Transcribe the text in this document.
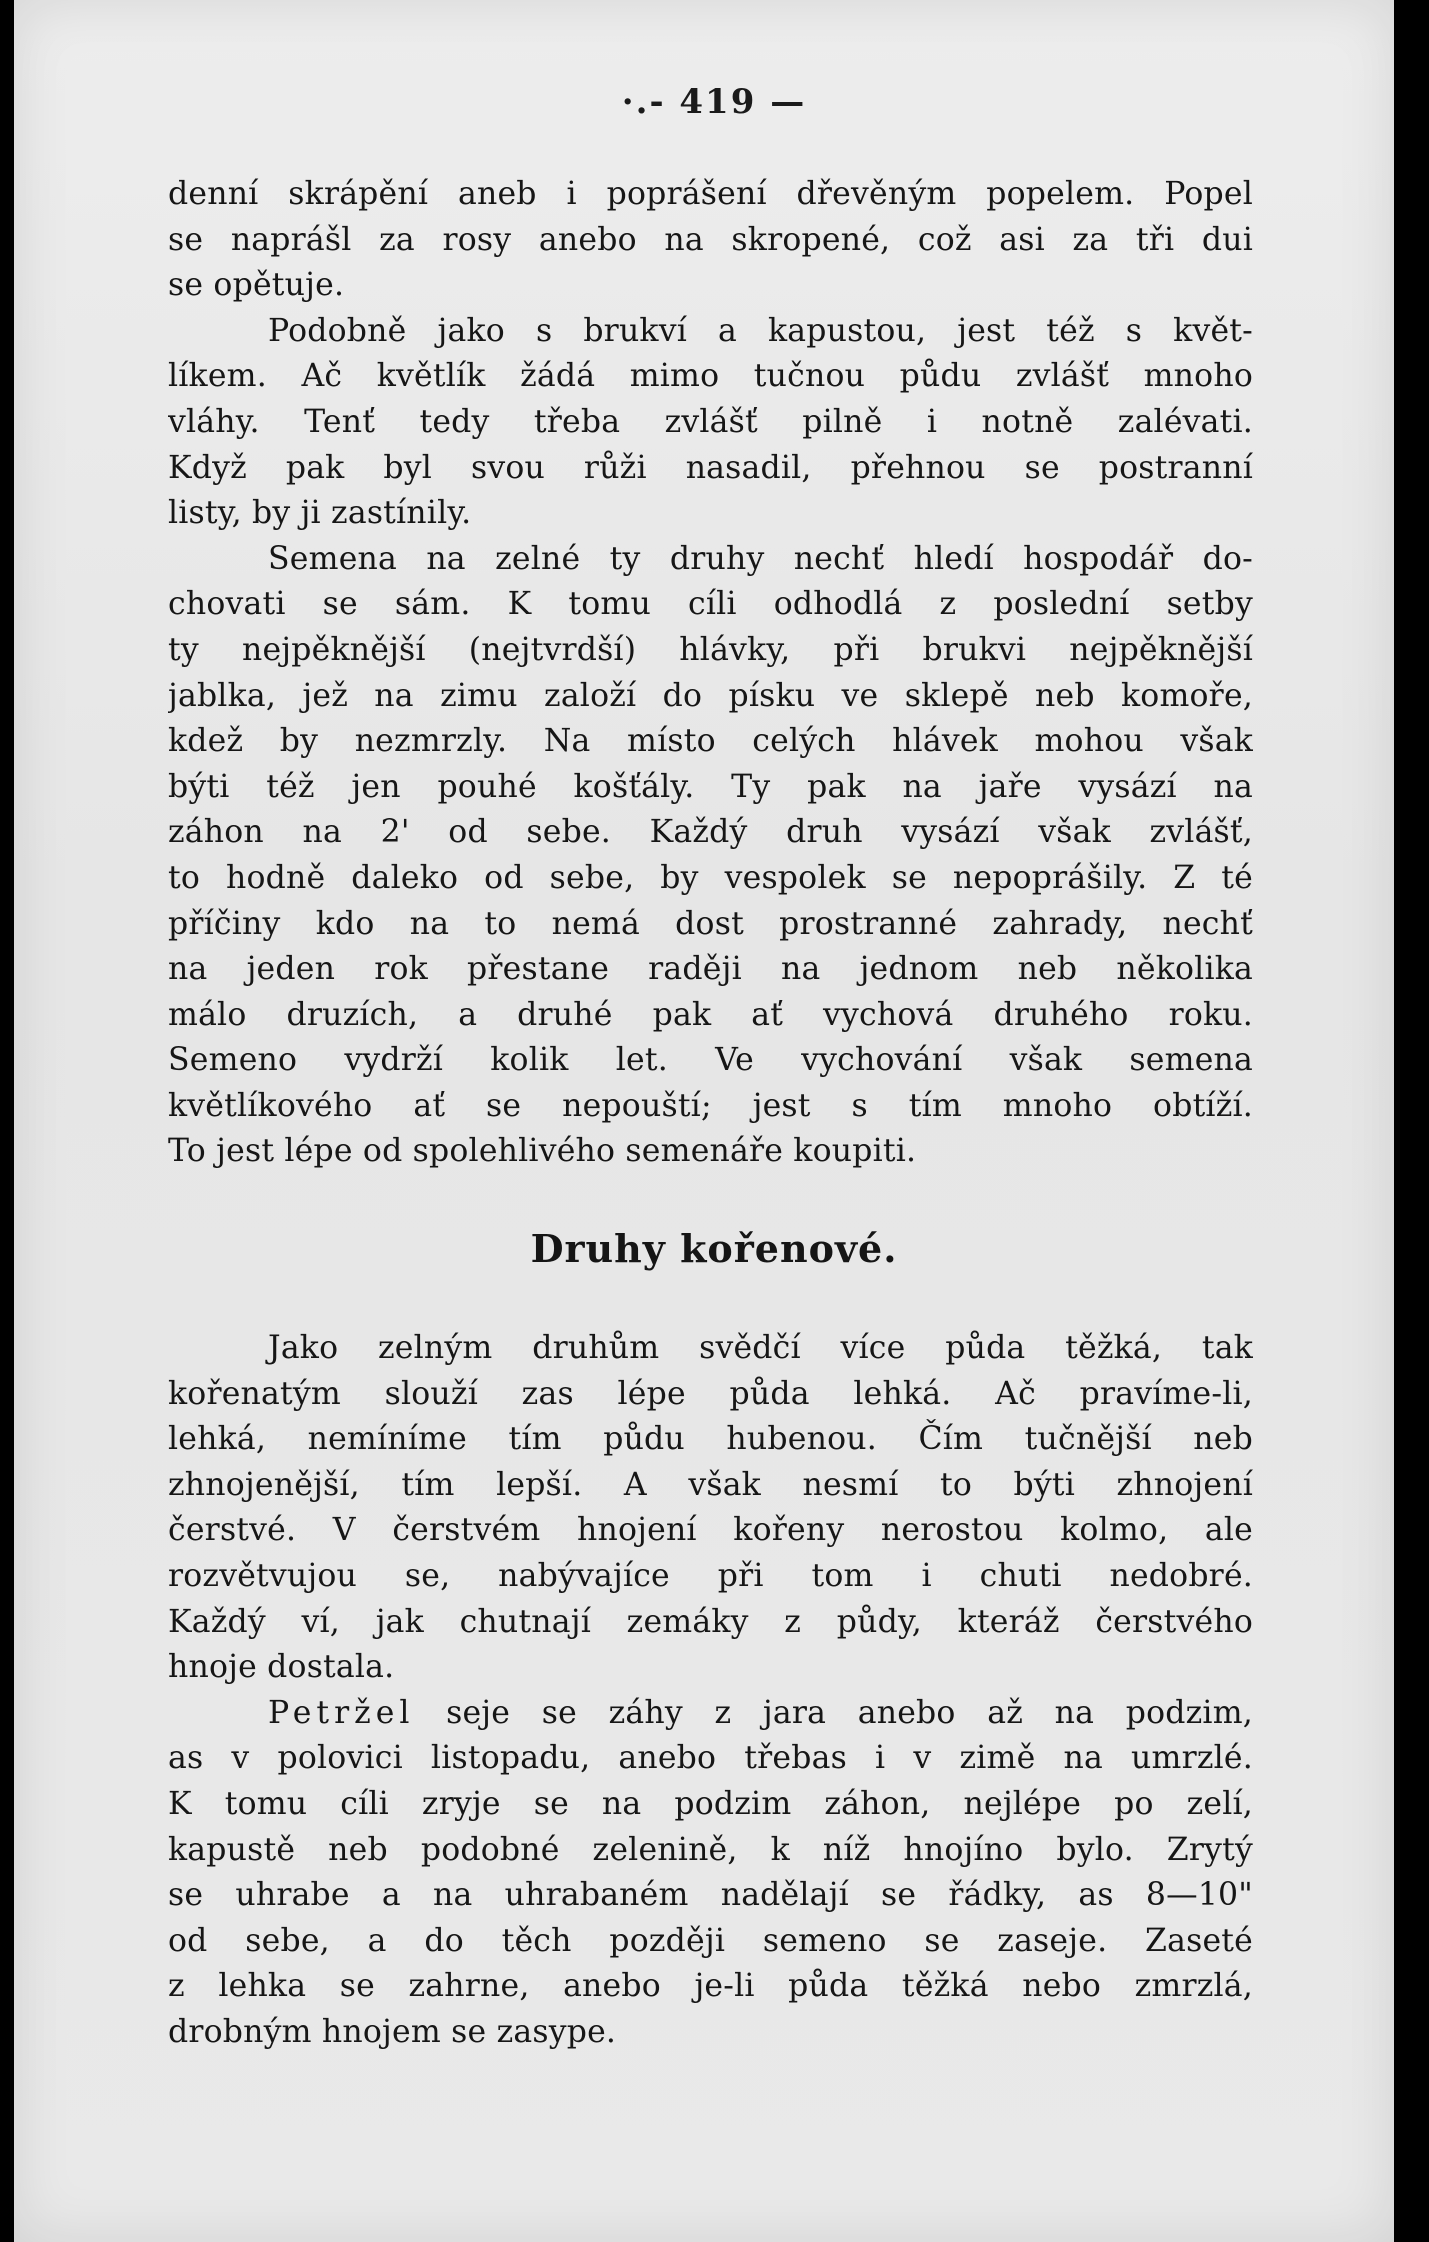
·.- 419 —
denní skrápění aneb i poprášení dřevěným popelem. Popel
se naprášl za rosy anebo na skropené, což asi za tři dui
se opětuje.
Podobně jako s brukví a kapustou, jest též s květ-
líkem. Ač květlík žádá mimo tučnou půdu zvlášť mnoho
vláhy. Tenť tedy třeba zvlášť pilně i notně zalévati.
Když pak byl svou růži nasadil, přehnou se postranní
listy, by ji zastínily.
Semena na zelné ty druhy nechť hledí hospodář do-
chovati se sám. K tomu cíli odhodlá z poslední setby
ty nejpěknější (nejtvrdší) hlávky, při brukvi nejpěknější
jablka, jež na zimu založí do písku ve sklepě neb komoře,
kdež by nezmrzly. Na místo celých hlávek mohou však
býti též jen pouhé košťály. Ty pak na jaře vysází na
záhon na 2' od sebe. Každý druh vysází však zvlášť,
to hodně daleko od sebe, by vespolek se nepoprášily. Z té
příčiny kdo na to nemá dost prostranné zahrady, nechť
na jeden rok přestane raději na jednom neb několika
málo druzích, a druhé pak ať vychová druhého roku.
Semeno vydrží kolik let. Ve vychování však semena
květlíkového ať se nepouští; jest s tím mnoho obtíží.
To jest lépe od spolehlivého semenáře koupiti.
Druhy kořenové.
Jako zelným druhům svědčí více půda těžká, tak
kořenatým slouží zas lépe půda lehká. Ač pravíme-li,
lehká, nemíníme tím půdu hubenou. Čím tučnější neb
zhnojenější, tím lepší. A však nesmí to býti zhnojení
čerstvé. V čerstvém hnojení kořeny nerostou kolmo, ale
rozvětvujou se, nabývajíce při tom i chuti nedobré.
Každý ví, jak chutnají zemáky z půdy, kteráž čerstvého
hnoje dostala.
Petržel seje se záhy z jara anebo až na podzim,
as v polovici listopadu, anebo třebas i v zimě na umrzlé.
K tomu cíli zryje se na podzim záhon, nejlépe po zelí,
kapustě neb podobné zelenině, k níž hnojíno bylo. Zrytý
se uhrabe a na uhrabaném nadělají se řádky, as 8—10"
od sebe, a do těch později semeno se zaseje. Zaseté
z lehka se zahrne, anebo je-li půda těžká nebo zmrzlá,
drobným hnojem se zasype.
